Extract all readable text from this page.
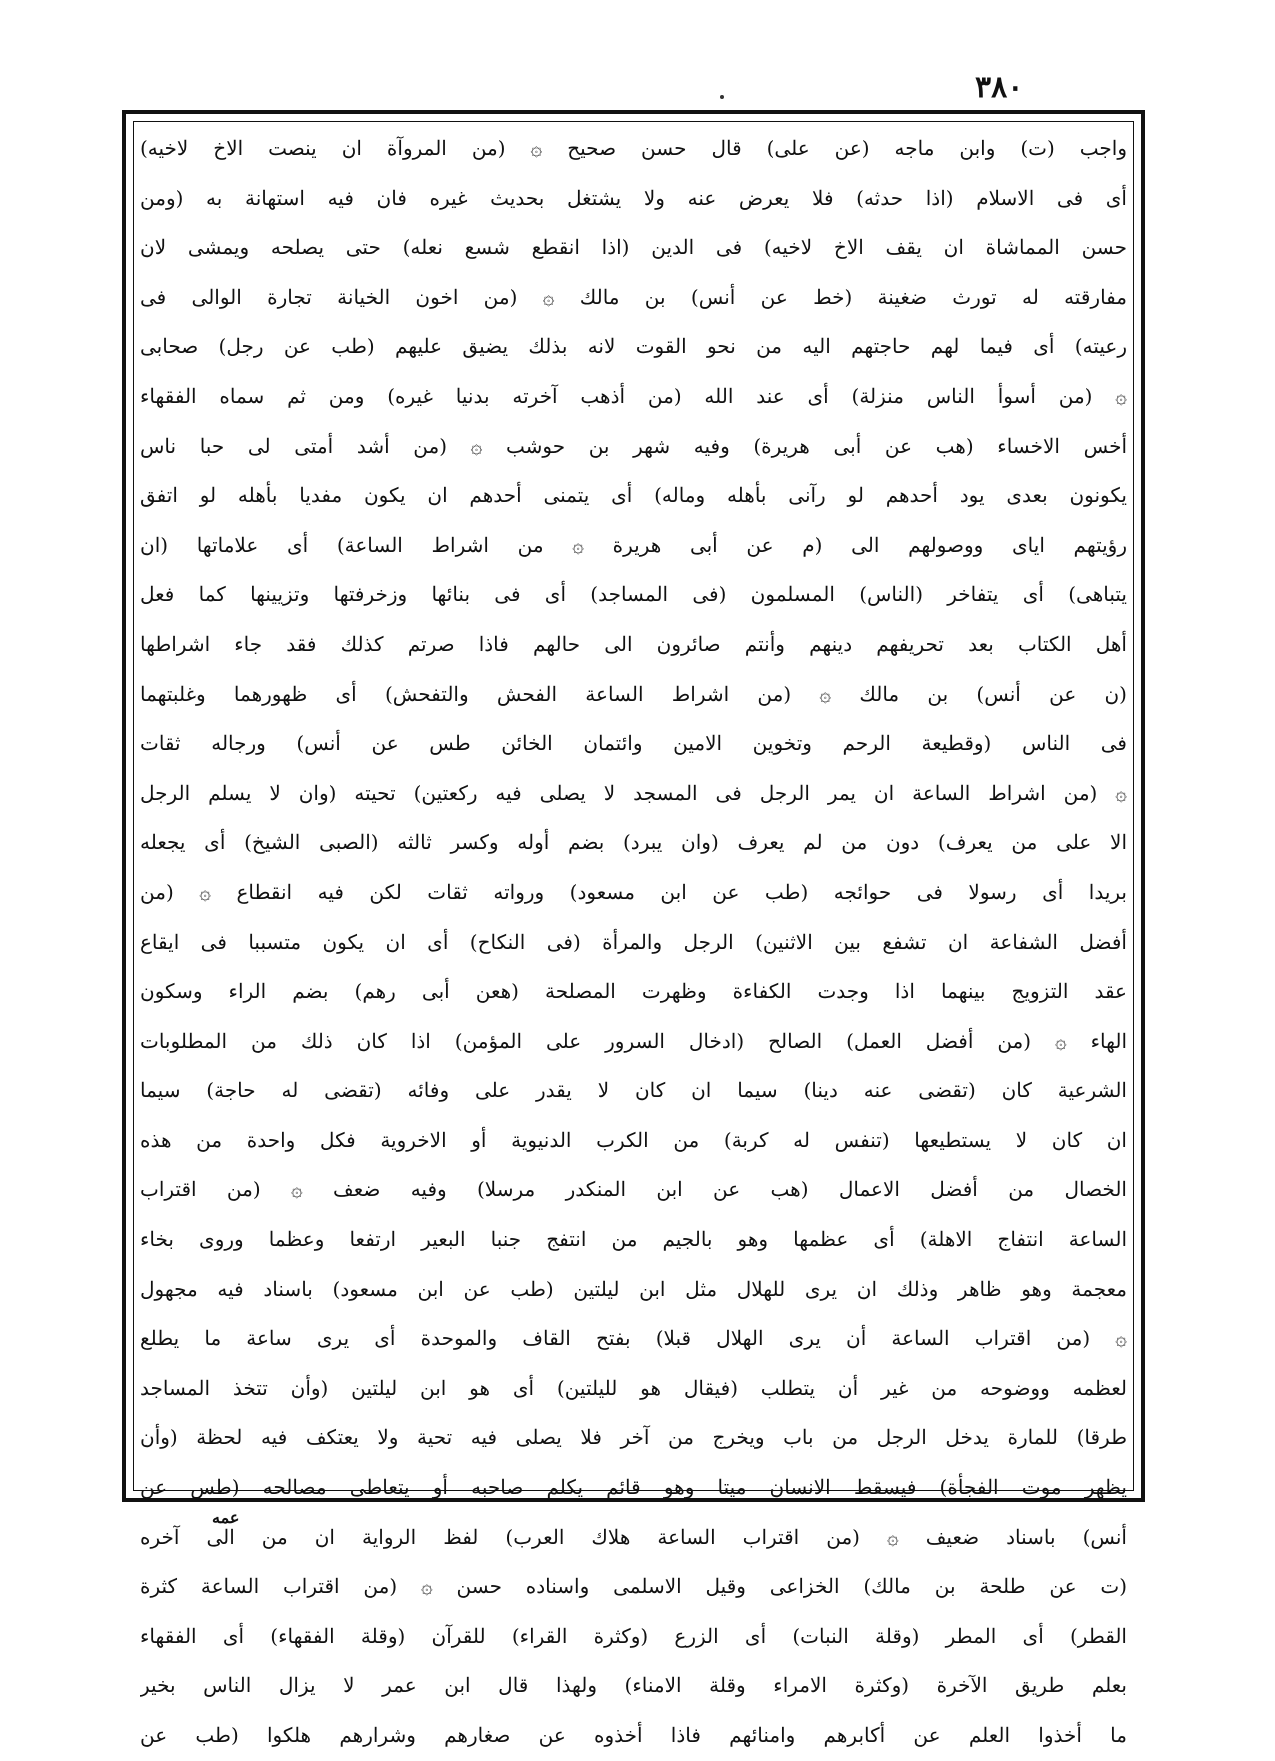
٣٨٠
واجب (ت) وابن ماجه (عن على) قال حسن صحيح ۞ (من المروآة ان ينصت الاخ لاخيه)
أى فى الاسلام (اذا حدثه) فلا يعرض عنه ولا يشتغل بحديث غيره فان فيه استهانة به (ومن
حسن المماشاة ان يقف الاخ لاخيه) فى الدين (اذا انقطع شسع نعله) حتى يصلحه ويمشى لان
مفارقته له تورث ضغينة (خط عن أنس) بن مالك ۞ (من اخون الخيانة تجارة الوالى فى
رعيته) أى فيما لهم حاجتهم اليه من نحو القوت لانه بذلك يضيق عليهم (طب عن رجل) صحابى
۞ (من أسوأ الناس منزلة) أى عند الله (من أذهب آخرته بدنيا غيره) ومن ثم سماه الفقهاء
أخس الاخساء (هب عن أبى هريرة) وفيه شهر بن حوشب ۞ (من أشد أمتى لى حبا ناس
يكونون بعدى يود أحدهم لو رآنى بأهله وماله) أى يتمنى أحدهم ان يكون مفديا بأهله لو اتفق
رؤيتهم اياى ووصولهم الى (م عن أبى هريرة ۞ من اشراط الساعة) أى علاماتها (ان
يتباهى) أى يتفاخر (الناس) المسلمون (فى المساجد) أى فى بنائها وزخرفتها وتزيينها كما فعل
أهل الكتاب بعد تحريفهم دينهم وأنتم صائرون الى حالهم فاذا صرتم كذلك فقد جاء اشراطها
(ن عن أنس) بن مالك ۞ (من اشراط الساعة الفحش والتفحش) أى ظهورهما وغلبتهما
فى الناس (وقطيعة الرحم وتخوين الامين وائتمان الخائن طس عن أنس) ورجاله ثقات
۞ (من اشراط الساعة ان يمر الرجل فى المسجد لا يصلى فيه ركعتين) تحيته (وان لا يسلم الرجل
الا على من يعرف) دون من لم يعرف (وان يبرد) بضم أوله وكسر ثالثه (الصبى الشيخ) أى يجعله
بريدا أى رسولا فى حوائجه (طب عن ابن مسعود) ورواته ثقات لكن فيه انقطاع ۞ (من
أفضل الشفاعة ان تشفع بين الاثنين) الرجل والمرأة (فى النكاح) أى ان يكون متسببا فى ايقاع
عقد التزويج بينهما اذا وجدت الكفاءة وظهرت المصلحة (هعن أبى رهم) بضم الراء وسكون
الهاء ۞ (من أفضل العمل) الصالح (ادخال السرور على المؤمن) اذا كان ذلك من المطلوبات
الشرعية كان (تقضى عنه دينا) سيما ان كان لا يقدر على وفائه (تقضى له حاجة) سيما
ان كان لا يستطيعها (تنفس له كربة) من الكرب الدنيوية أو الاخروية فكل واحدة من هذه
الخصال من أفضل الاعمال (هب عن ابن المنكدر مرسلا) وفيه ضعف ۞ (من اقتراب
الساعة انتفاج الاهلة) أى عظمها وهو بالجيم من انتفج جنبا البعير ارتفعا وعظما وروى بخاء
معجمة وهو ظاهر وذلك ان يرى للهلال مثل ابن ليلتين (طب عن ابن مسعود) باسناد فيه مجهول
۞ (من اقتراب الساعة أن يرى الهلال قبلا) بفتح القاف والموحدة أى يرى ساعة ما يطلع
لعظمه ووضوحه من غير أن يتطلب (فيقال هو لليلتين) أى هو ابن ليلتين (وأن تتخذ المساجد
طرقا) للمارة يدخل الرجل من باب ويخرج من آخر فلا يصلى فيه تحية ولا يعتكف فيه لحظة (وأن
يظهر موت الفجأة) فيسقط الانسان ميتا وهو قائم يكلم صاحبه أو يتعاطى مصالحه (طس عن
أنس) باسناد ضعيف ۞ (من اقتراب الساعة هلاك العرب) لفظ الرواية ان من الى آخره
(ت عن طلحة بن مالك) الخزاعى وقيل الاسلمى واسناده حسن ۞ (من اقتراب الساعة كثرة
القطر) أى المطر (وقلة النبات) أى الزرع (وكثرة القراء) للقرآن (وقلة الفقهاء) أى الفقهاء
بعلم طريق الآخرة (وكثرة الامراء وقلة الامناء) ولهذا قال ابن عمر لا يزال الناس بخير
ما أخذوا العلم عن أكابرهم وامنائهم فاذا أخذوه عن صغارهم وشرارهم هلكوا (طب عن
عمه
